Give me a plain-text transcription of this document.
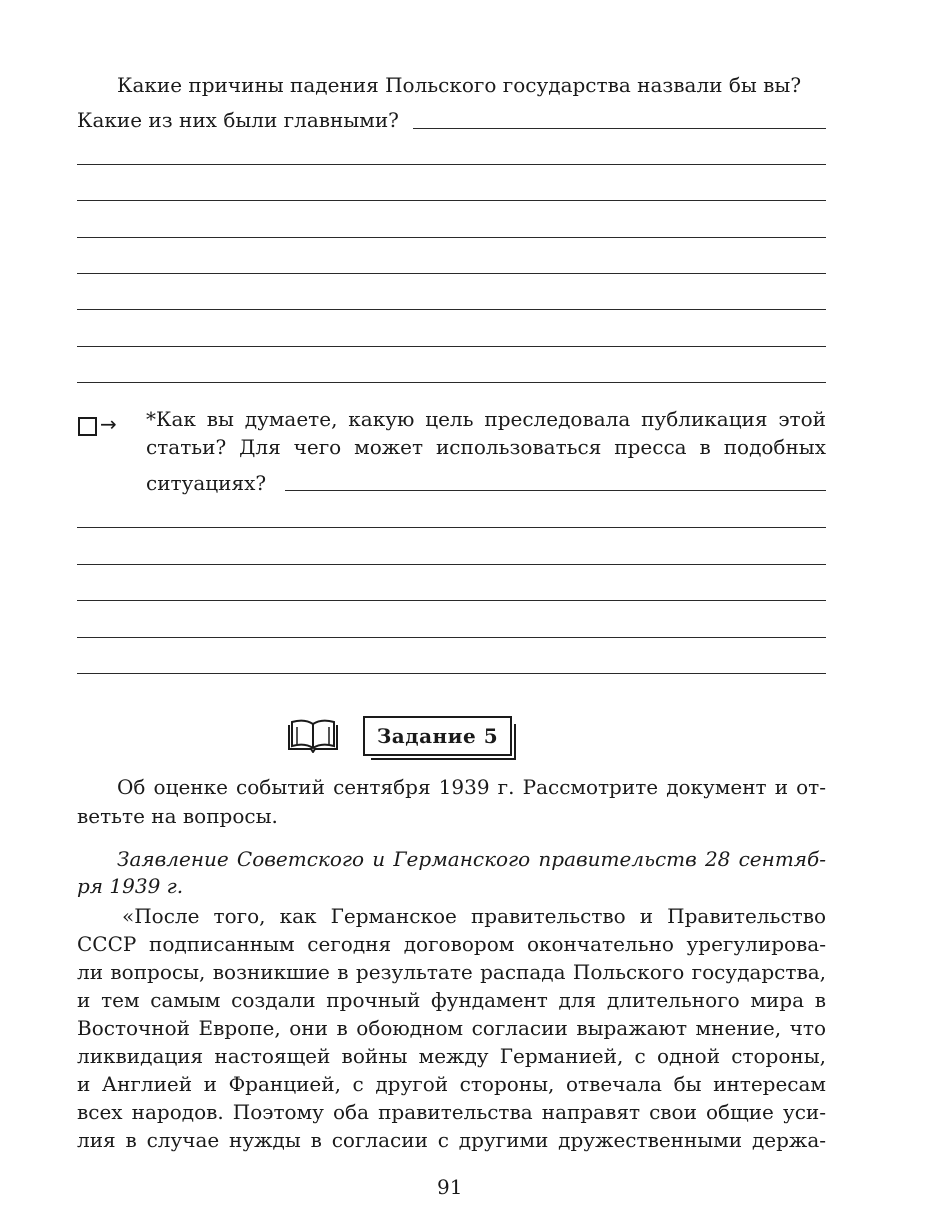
Какие причины падения Польского государства назвали бы вы?
Какие из них были главными?
→ *Как вы думаете, какую цель преследовала публикация этой
статьи? Для чего может использоваться пресса в подобных
ситуациях?
Задание 5
Об оценке событий сентября 1939 г. Рассмотрите документ и от-
ветьте на вопросы.
Заявление Советского и Германского правительств 28 сентяб-
ря 1939 г.
«После того, как Германское правительство и Правительство
СССР подписанным сегодня договором окончательно урегулирова-
ли вопросы, возникшие в результате распада Польского государства,
и тем самым создали прочный фундамент для длительного мира в
Восточной Европе, они в обоюдном согласии выражают мнение, что
ликвидация настоящей войны между Германией, с одной стороны,
и Англией и Францией, с другой стороны, отвечала бы интересам
всех народов. Поэтому оба правительства направят свои общие уси-
лия в случае нужды в согласии с другими дружественными держа-
91
